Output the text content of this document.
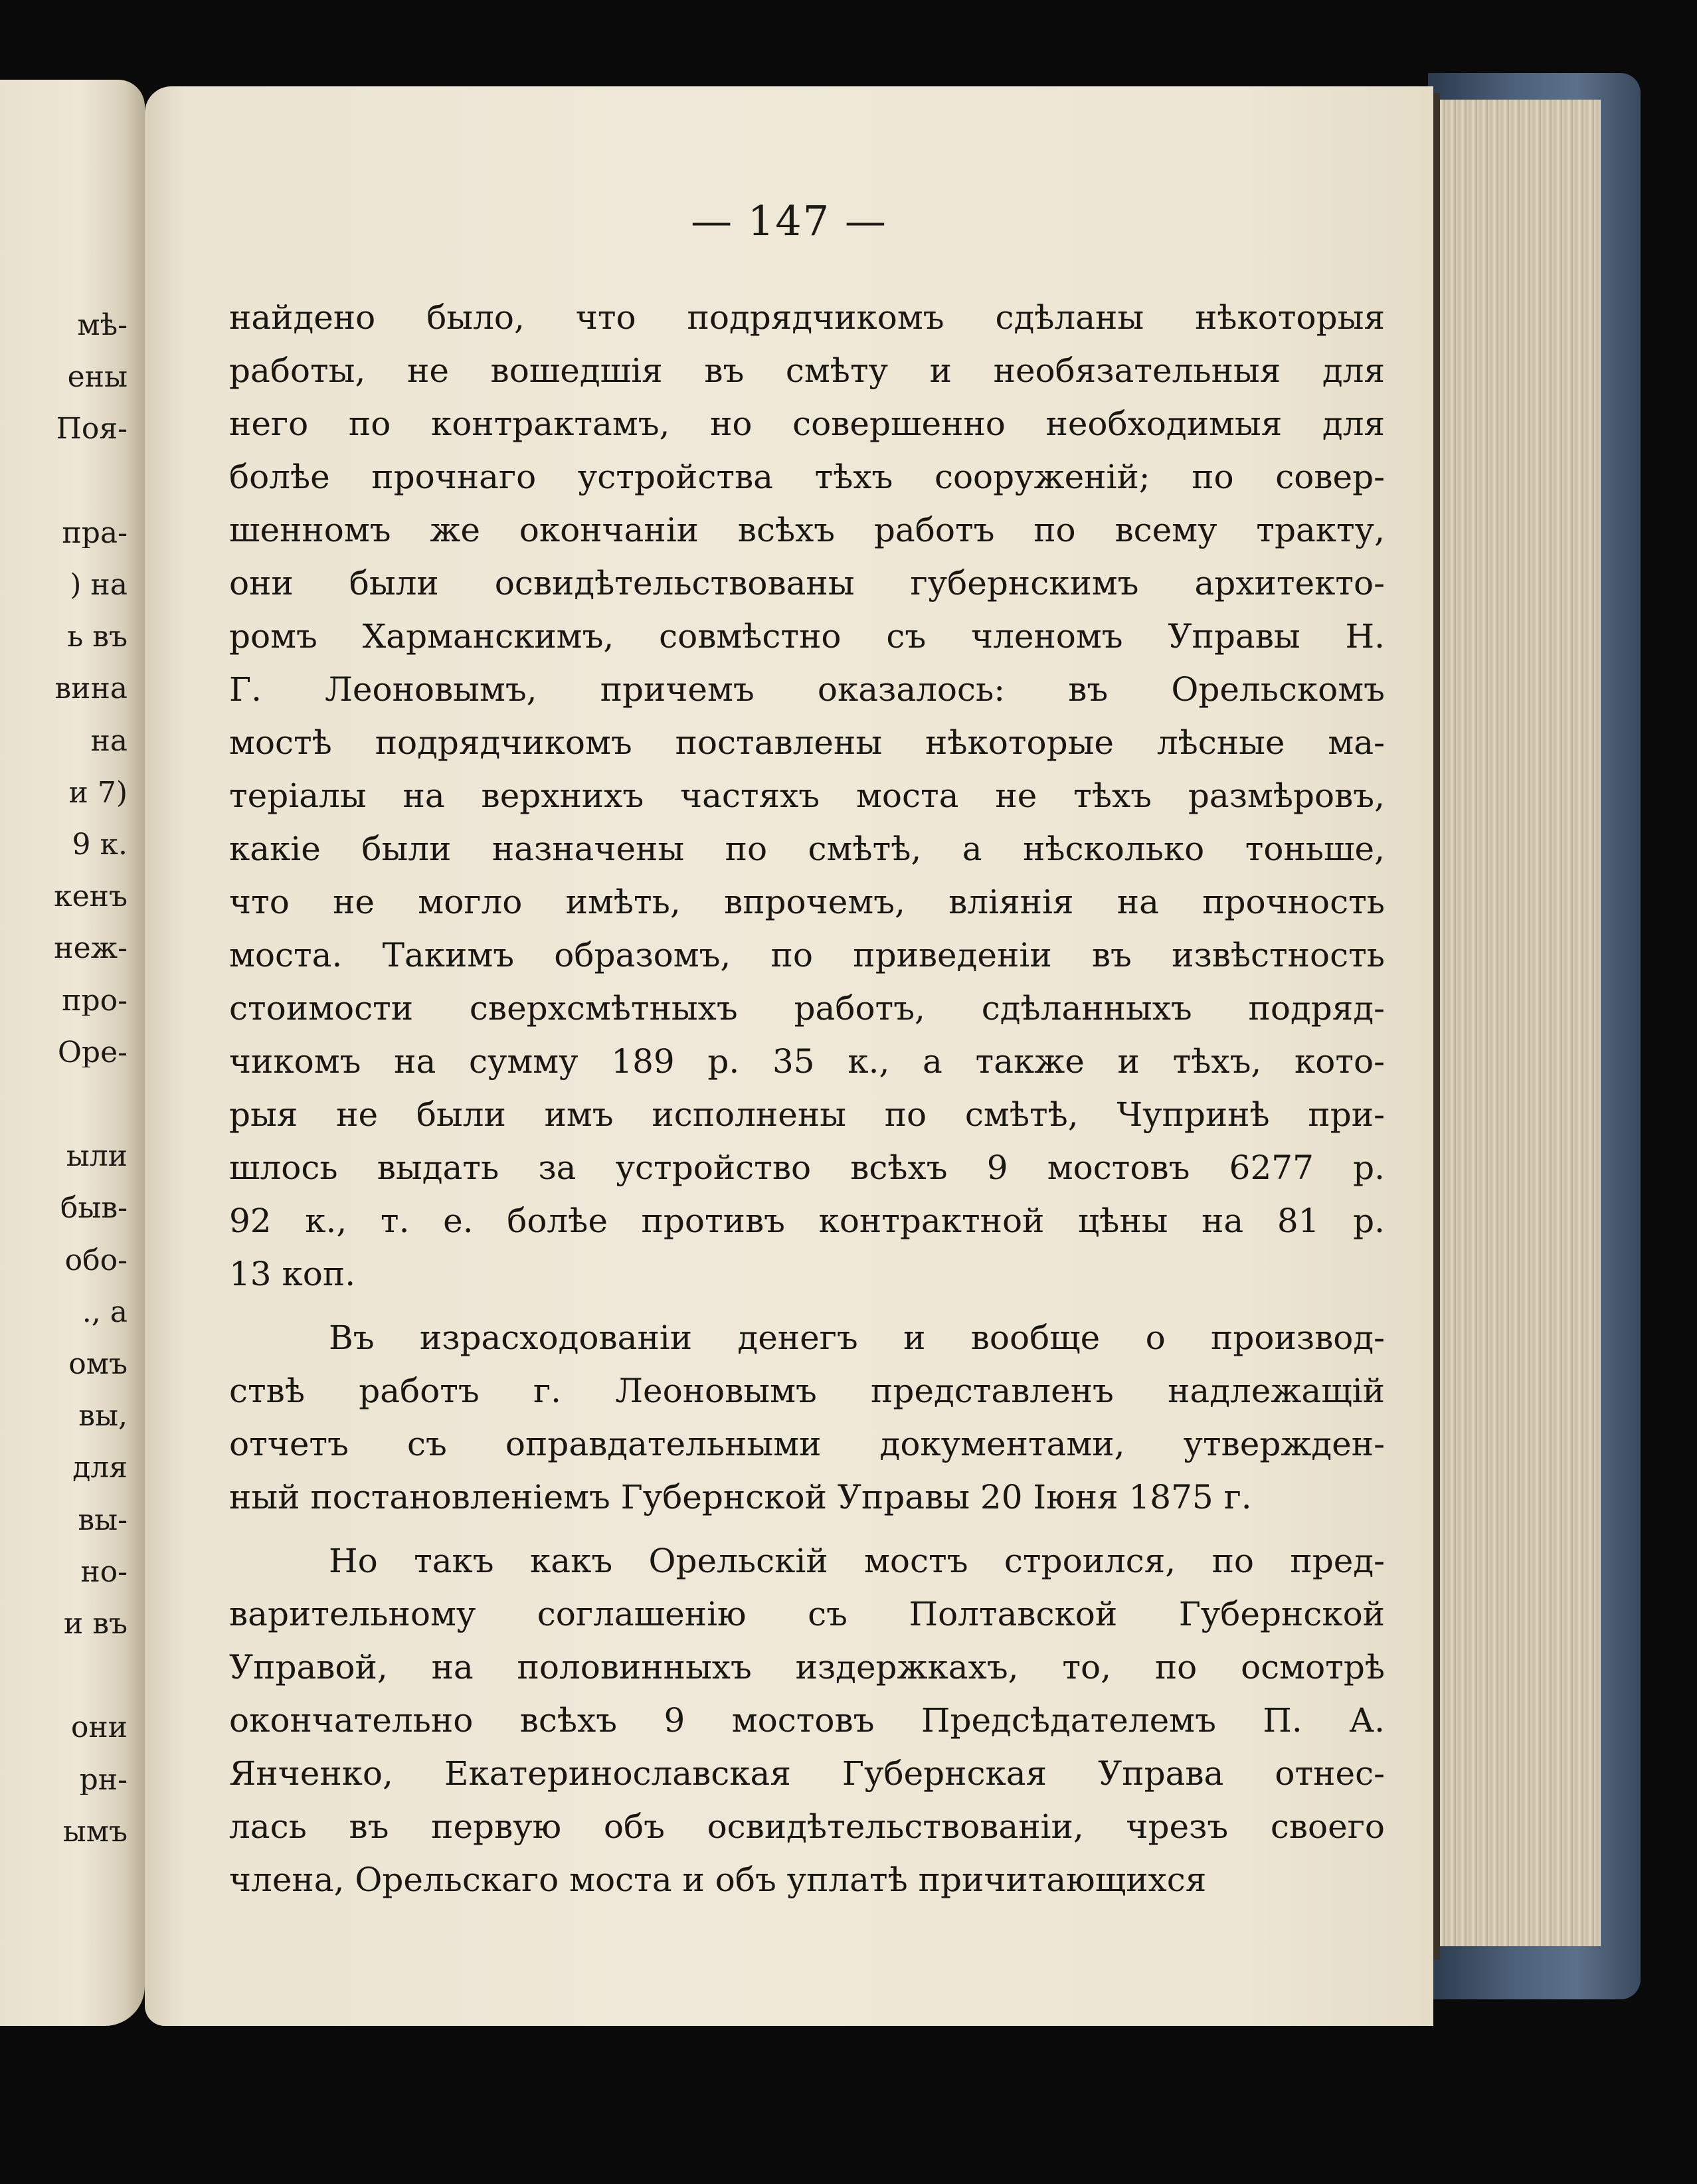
мѣ-
ены
Поя-
пра-
) на
ь въ
вина
на
и 7)
9 к.
кенъ
неж-
про-
Оре-
ыли
быв-
обо-
., а
омъ
вы,
для
вы-
но-
и въ
они
рн-
ымъ
— 147 —
найдено было, что подрядчикомъ сдѣланы нѣкоторыя
работы, не вошедшія въ смѣту и необязательныя для
него по контрактамъ, но совершенно необходимыя для
болѣе прочнаго устройства тѣхъ сооруженій; по совер-
шенномъ же окончаніи всѣхъ работъ по всему тракту,
они были освидѣтельствованы губернскимъ архитекто-
ромъ Харманскимъ, совмѣстно съ членомъ Управы Н.
Г. Леоновымъ, причемъ оказалось: въ Орельскомъ
мостѣ подрядчикомъ поставлены нѣкоторые лѣсные ма-
теріалы на верхнихъ частяхъ моста не тѣхъ размѣровъ,
какіе были назначены по смѣтѣ, а нѣсколько тоньше,
что не могло имѣть, впрочемъ, вліянія на прочность
моста. Такимъ образомъ, по приведеніи въ извѣстность
стоимости сверхсмѣтныхъ работъ, сдѣланныхъ подряд-
чикомъ на сумму 189 р. 35 к., а также и тѣхъ, кото-
рыя не были имъ исполнены по смѣтѣ, Чупринѣ при-
шлось выдать за устройство всѣхъ 9 мостовъ 6277 р.
92 к., т. е. болѣе противъ контрактной цѣны на 81 р.
13 коп.
Въ израсходованіи денегъ и вообще о производ-
ствѣ работъ г. Леоновымъ представленъ надлежащій
отчетъ съ оправдательными документами, утвержден-
ный постановленіемъ Губернской Управы 20 Іюня 1875 г.
Но такъ какъ Орельскій мостъ строился, по пред-
варительному соглашенію съ Полтавской Губернской
Управой, на половинныхъ издержкахъ, то, по осмотрѣ
окончательно всѣхъ 9 мостовъ Предсѣдателемъ П. А.
Янченко, Екатеринославская Губернская Управа отнес-
лась въ первую объ освидѣтельствованіи, чрезъ своего
члена, Орельскаго моста и объ уплатѣ причитающихся
